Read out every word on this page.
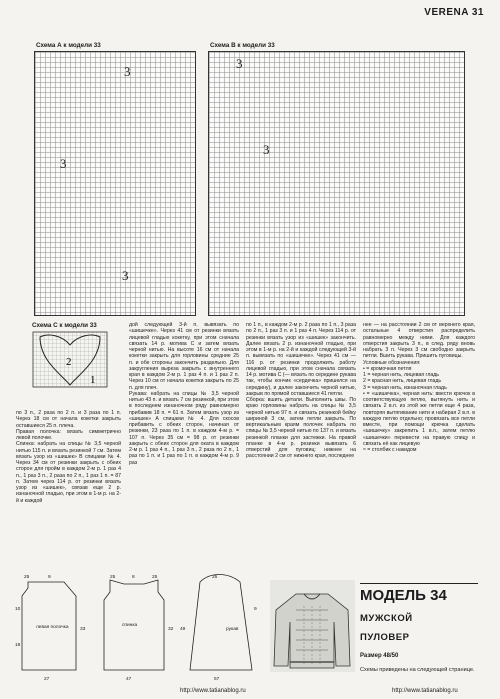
VERENA 31
Схема А к модели 33	Схема B к модели 33
3
3
3
3
3
Схема С к модели 33
2
1
по 3 п., 2 раза по 2 п. и 3 раза по 1 п. Через 18 см от начала кокетки закрыть оставшиеся 25 п. плеча.
Правая полочка: вязать симметрично левой полочке.
Спинка: набрать на спицы № 3,5 черной нитью 115 п. и вязать резинкой 7 см. Затем вязать узор из «шишек» В спицами № 4. Через 34 см от резинки закрыть с обеих сторон для пройм в каждом 2-м р. 1 раз 4 п., 1 раз 3 п., 2 раза по 2 п., 1 раз 1 п. = 87 п. Затем через 114 р. от резинки вязать узор из «шишек», связав еще 2 р. изнаночной гладью, при этом в 1-м р. на 2-й и каждой
дой следующей 3-й п. вывязать по «шишечке». Через 41 см от резинки вязать лицевой гладью кокетку, при этом сначала связать 14 р. мотива С и затем вязать черной нитью. На высоте 16 см от начала кокетки закрыть для горловины средние 25 п. и обе стороны закончить раздельно. Для закругления выреза закрыть с внутреннего края в каждом 2-м р. 1 раз 4 п. и 1 раз 2 п. Через 10 см от начала кокетки закрыть по 25 п. для плеч.
Рукава: набрать на спицы № 3,5 черной нитью 43 п. и вязать 7 см резинкой, при этом в последнем изнаночном ряду равномерно прибавив 18 п. = 61 п. Затем вязать узор из «шишек» А спицами № 4. Для скосов прибавить с обеих сторон, начиная от резинки, 23 раза по 1 п. в каждом 4-м р. = 107 п. Через 35 см = 98 р. от резинки закрыть с обеих сторон для оката в каждом 2-м р. 1 раз 4 п., 1 раз 3 п., 2 раза по 2 п., 1 раз по 1 п. и 1 раз по 1 п. в каждом 4-м р. 9 раз
по 1 п., в каждом 2-м р. 2 раза по 1 п., 3 раза по 2 п., 1 раз 3 п. и 1 раз 4 п. Через 114 р. от резинки вязать узор из «шишек» закончить. Далее вязать 2 р. изнаночной гладью, при этом в 1-м р. на 2-й и каждой следующей 3-й п. вывязать по «шишечке». Через 41 см — 116 р. от резинки продолжить работу лицевой гладью, при этом сначала связать 14 р. мотива С (— вязать по середине рукава так, чтобы кончик «сердечка» пришелся на середину), и далее закончить черной нитью, закрыв по прямой оставшиеся 41 петли.
Сборка: вшить детали. Выполнить швы. По краю горловины набрать на спицы № 3,5 черной нитью 97 п. и связать резинкой бейку шириной 3 см, затем петли закрыть. По вертикальным краям полочек набрать по спицы № 3,5 черной нитью по 137 п. и вязать резинкой планки для застежки. На правой планке в 4-м р. резинки вывязать 6 отверстий для пуговиц: нижнее на расстоянии 2 см от нижнего края, последнее
нее — на расстоянии 2 см от верхнего края, остальные 4 отверстия распределить равномерно между ними. Для каждого отверстия закрыть 3 п., в след. ряду вновь набрать 3 п. Через 3 см свободно закрыть петли. Вшить рукава. Пришить пуговицы.
Условные обозначения:
• = кромочная петля
1 = черная нить, лицевая гладь
2 = красная нить, лицевая гладь
3 = черная нить, изнаночная гладь
• = «шишечка», черная нить: ввести крючок в соответствующую петлю, вытянуть нить и связать 2 в.п. из этой же петли еще 4 раза, повторяя вытягивание нити и набирая 2 в.п. в каждую петлю отдельно; провязать все петли вместе, при помощи крючка сделать «шишечку» закрепить 1 в.п., затем петлю «шишечки» перевести на правую спицу и связать её как лицевую
≈ = столбик с накидом
левая полочка	спинка
рукав
25	9
10
18
33
25	8	25
27
32
47
49
57
25
9
МОДЕЛЬ 34
МУЖСКОЙ
ПУЛОВЕР
Размер 48/50
Схемы приведены на следующей странице.
http://www.tatianablog.ru	http://www.tatianablog.ru
